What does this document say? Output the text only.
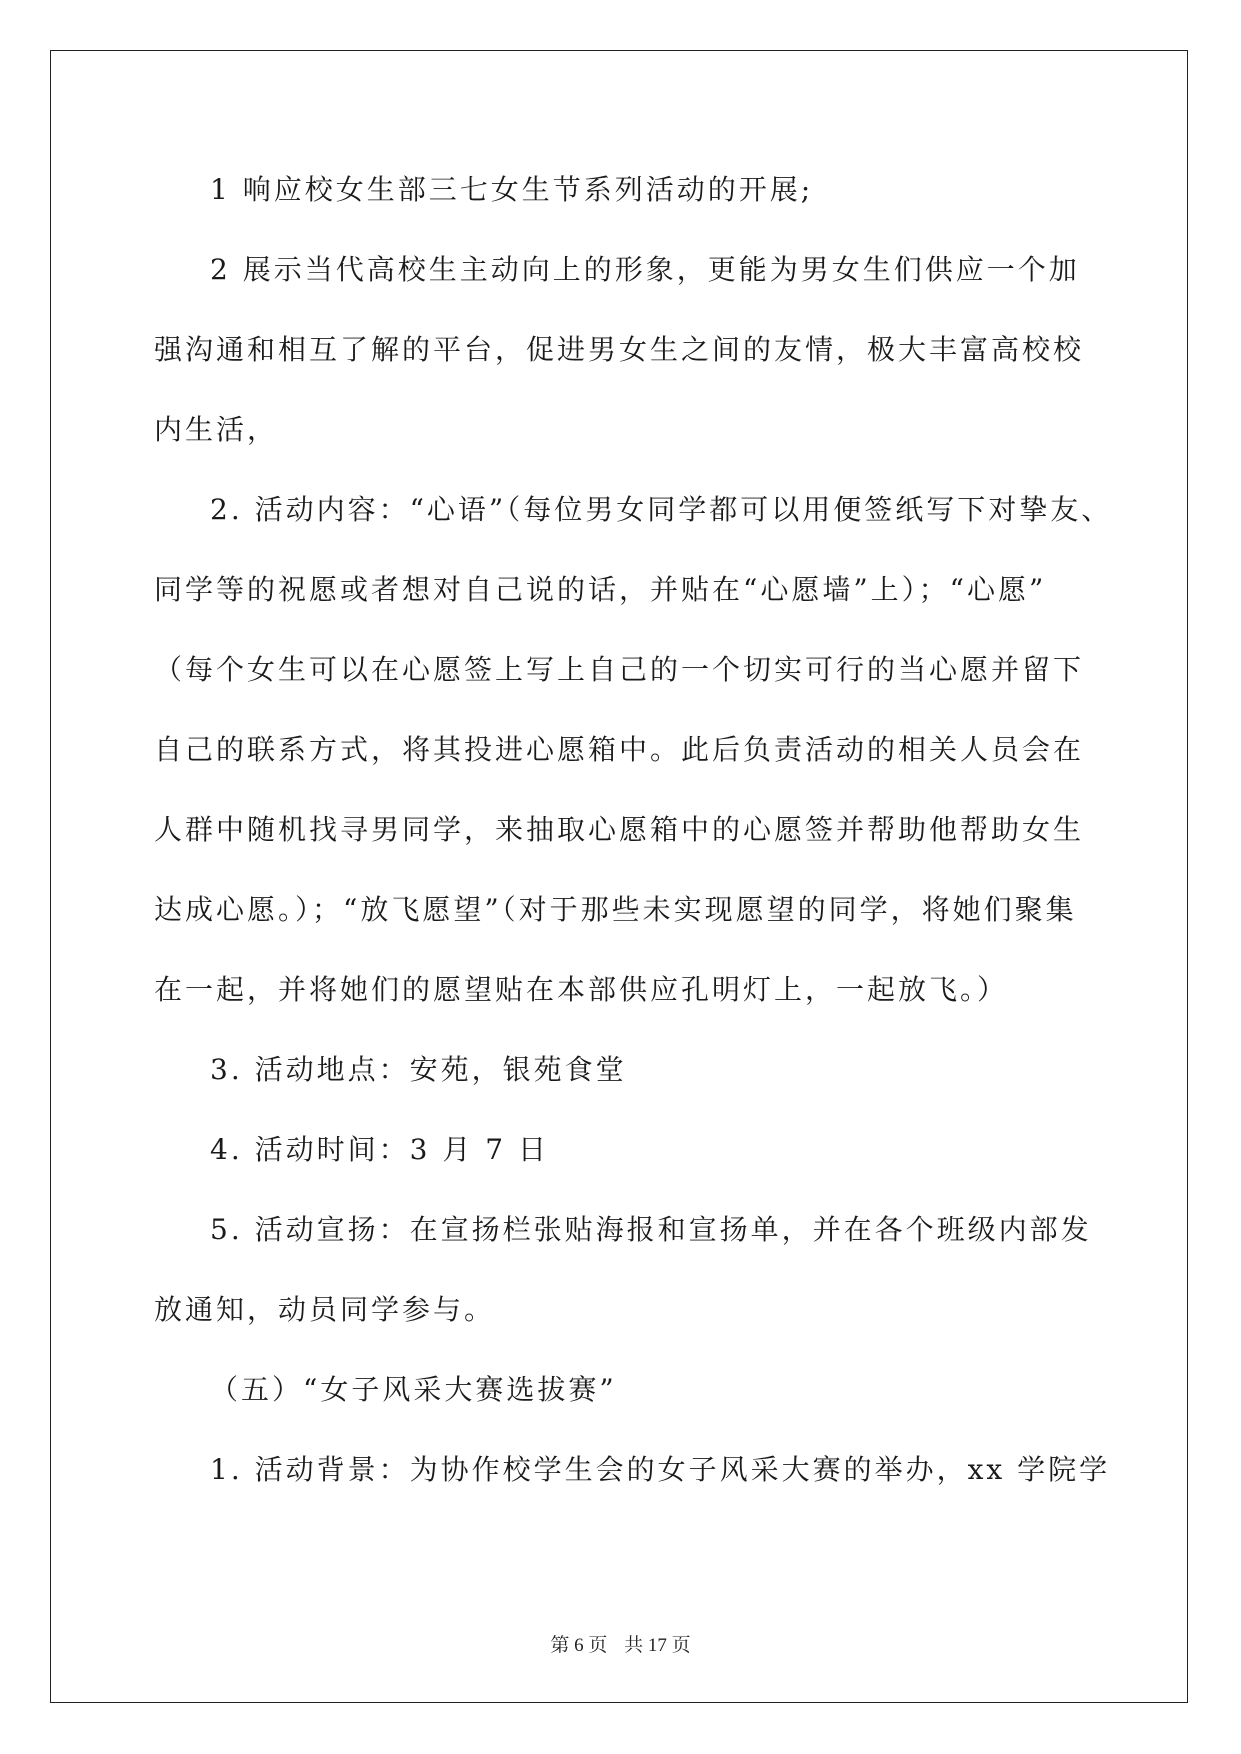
1 响应校女生部三七女生节系列活动的开展;
2 展示当代高校生主动向上的形象，更能为男女生们供应一个加
强沟通和相互了解的平台，促进男女生之间的友情，极大丰富高校校
内生活，
2. 活动内容：“心语”（每位男女同学都可以用便签纸写下对挚友、
同学等的祝愿或者想对自己说的话，并贴在“心愿墙”上）；“心愿”
（每个女生可以在心愿签上写上自己的一个切实可行的当心愿并留下
自己的联系方式，将其投进心愿箱中。此后负责活动的相关人员会在
人群中随机找寻男同学，来抽取心愿箱中的心愿签并帮助他帮助女生
达成心愿。）；“放飞愿望”（对于那些未实现愿望的同学，将她们聚集
在一起，并将她们的愿望贴在本部供应孔明灯上，一起放飞。）
3. 活动地点：安苑，银苑食堂
4. 活动时间：3 月 7 日
5. 活动宣扬：在宣扬栏张贴海报和宣扬单，并在各个班级内部发
放通知，动员同学参与。
（五）“女子风采大赛选拔赛”
1. 活动背景：为协作校学生会的女子风采大赛的举办，xx 学院学
第 6 页 共 17 页
